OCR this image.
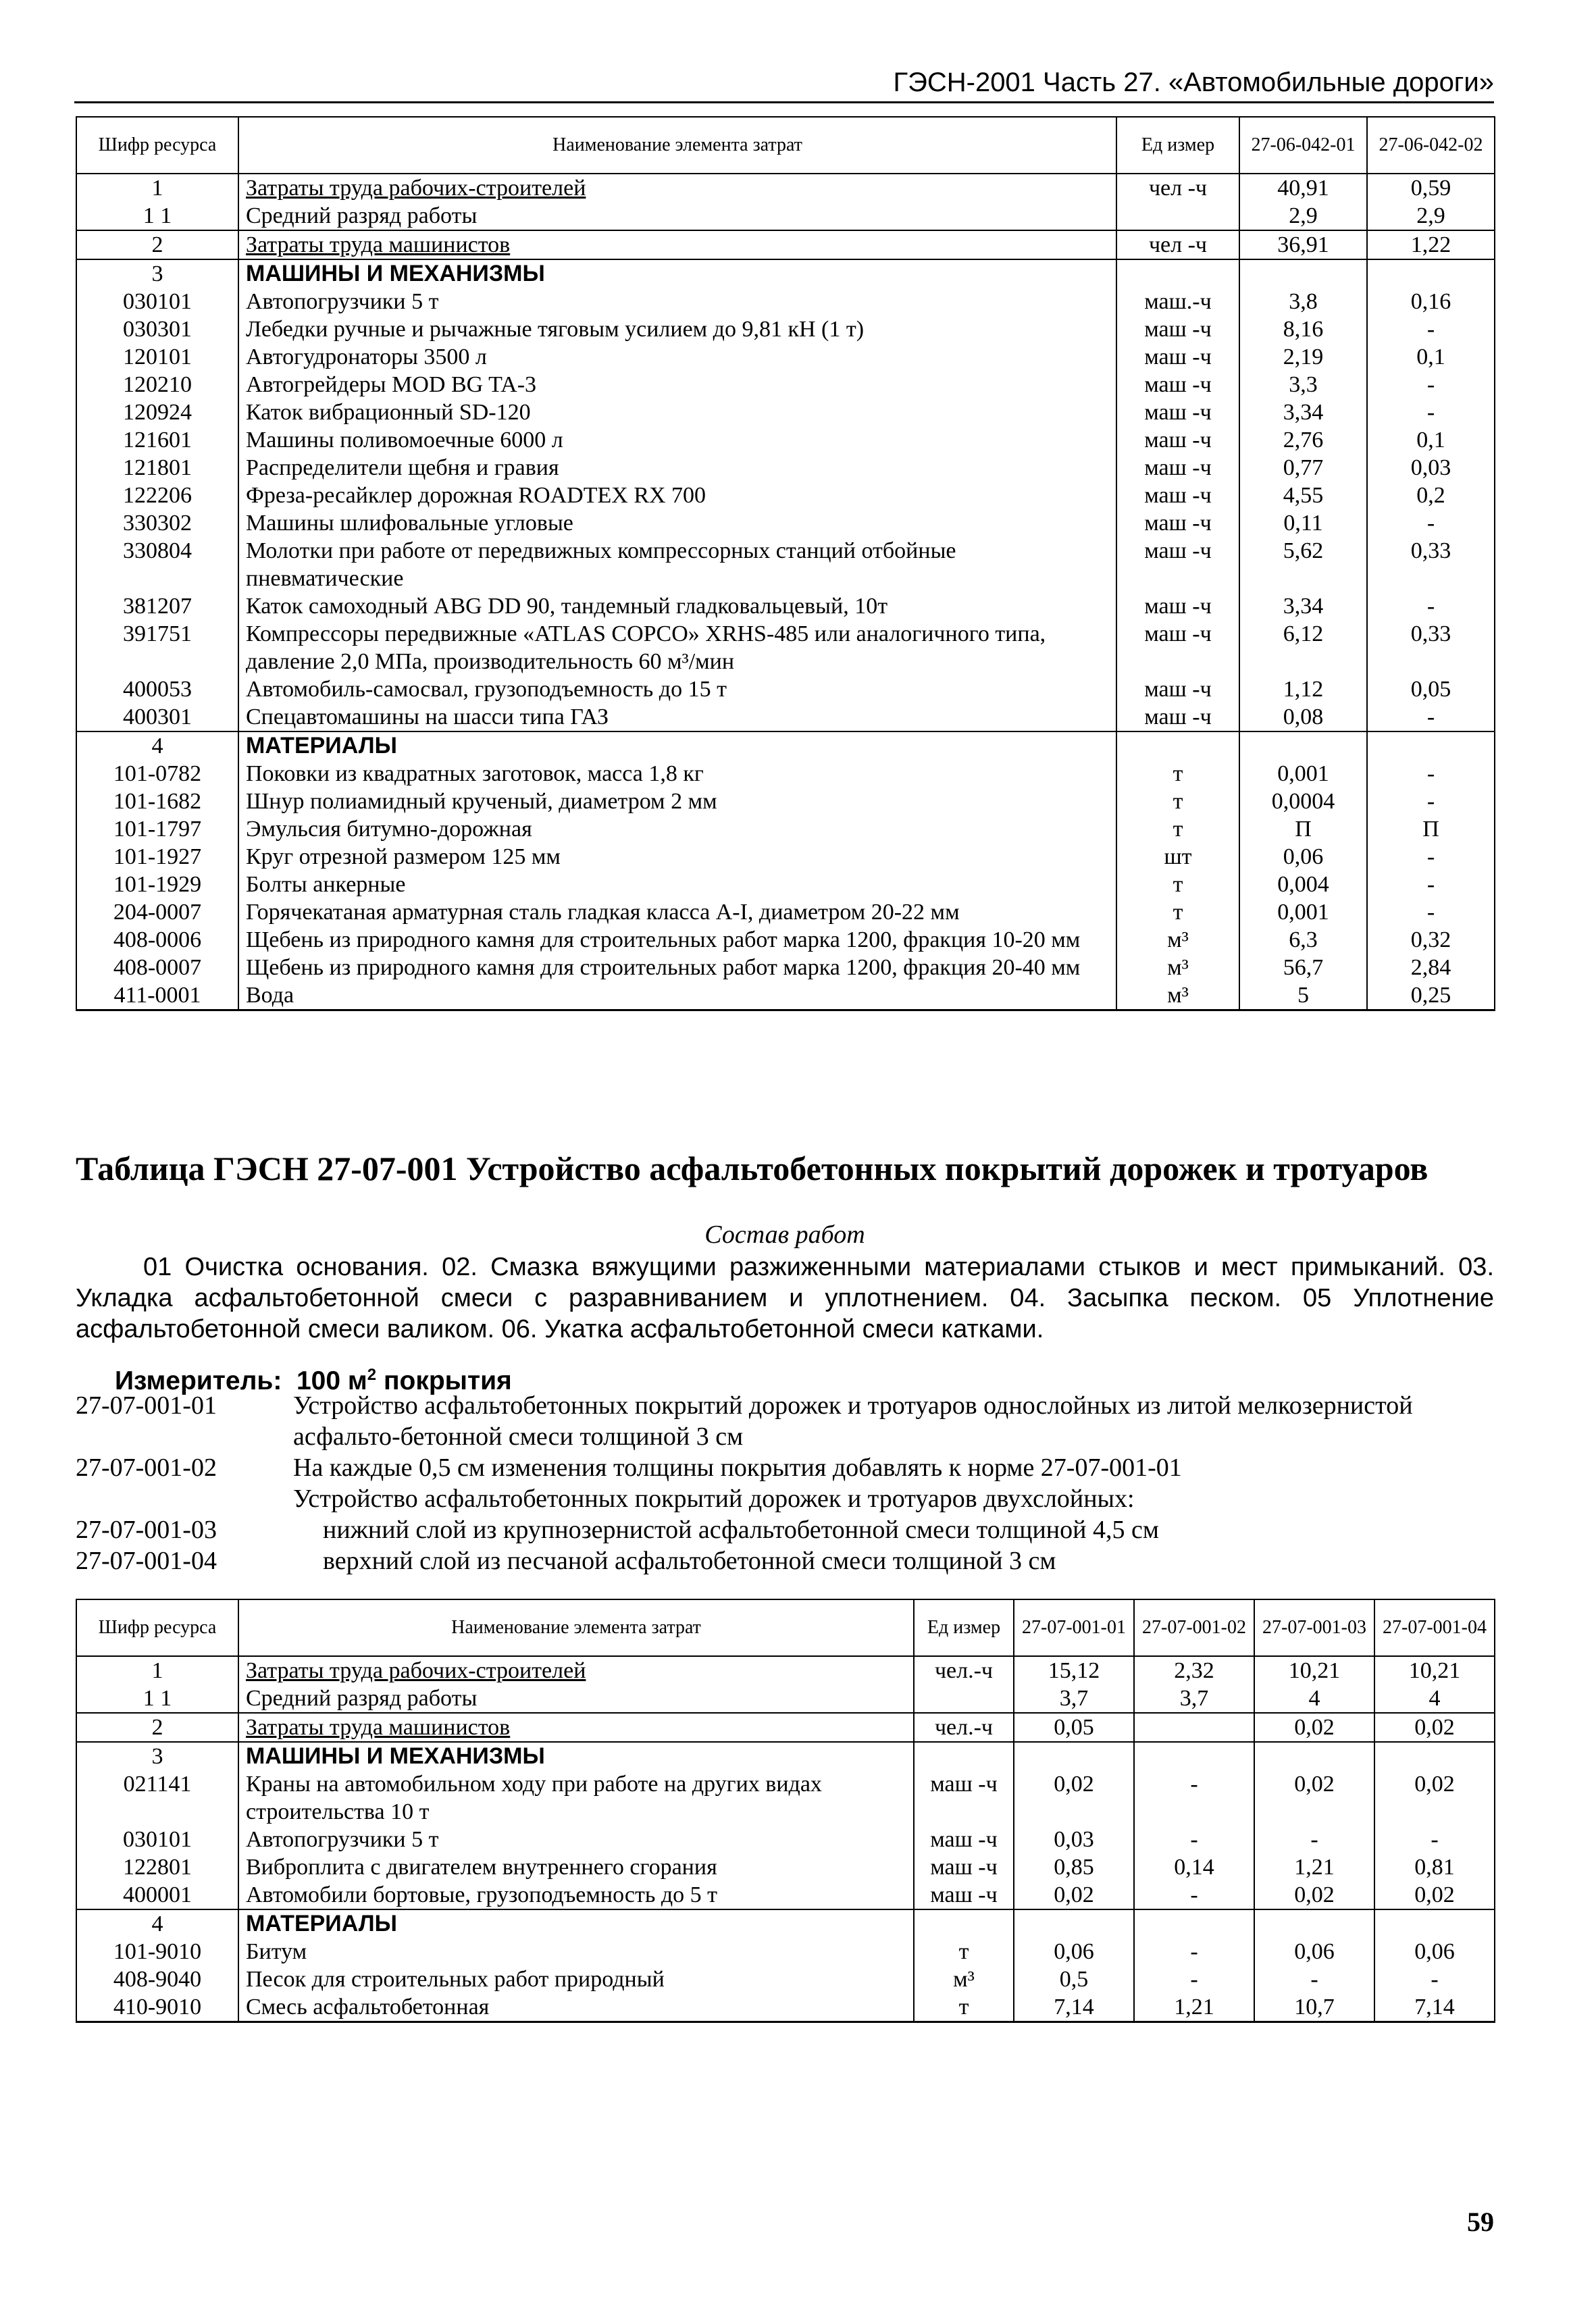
ГЭСН-2001 Часть 27. «Автомобильные дороги»
Шифр ресурса	Наименование элемента затрат	Ед измер	27-06-042-01	27-06-042-02
1	Затраты труда рабочих-строителей	чел -ч	40,91	0,59
1 1	Средний разряд работы		2,9	2,9
2	Затраты труда машинистов	чел -ч	36,91	1,22
3	МАШИНЫ И МЕХАНИЗМЫ			
030101	Автопогрузчики 5 т	маш.-ч	3,8	0,16
030301	Лебедки ручные и рычажные тяговым усилием до 9,81 кН (1 т)	маш -ч	8,16	-
120101	Автогудронаторы 3500 л	маш -ч	2,19	0,1
120210	Автогрейдеры MOD BG TA-3	маш -ч	3,3	-
120924	Каток вибрационный SD-120	маш -ч	3,34	-
121601	Машины поливомоечные 6000 л	маш -ч	2,76	0,1
121801	Распределители щебня и гравия	маш -ч	0,77	0,03
122206	Фреза-ресайклер дорожная ROADTEX RX 700	маш -ч	4,55	0,2
330302	Машины шлифовальные угловые	маш -ч	0,11	-
330804	Молотки при работе от передвижных компрессорных станций отбойные пневматические	маш -ч	5,62	0,33
381207	Каток самоходный ABG DD 90, тандемный гладковальцевый, 10т	маш -ч	3,34	-
391751	Компрессоры передвижные «ATLAS COPCO» XRHS-485 или аналогичного типа, давление 2,0 МПа, производительность 60 м³/мин	маш -ч	6,12	0,33
400053	Автомобиль-самосвал, грузоподъемность до 15 т	маш -ч	1,12	0,05
400301	Спецавтомашины на шасси типа ГАЗ	маш -ч	0,08	-
4	МАТЕРИАЛЫ			
101-0782	Поковки из квадратных заготовок, масса 1,8 кг	т	0,001	-
101-1682	Шнур полиамидный крученый, диаметром 2 мм	т	0,0004	-
101-1797	Эмульсия битумно-дорожная	т	П	П
101-1927	Круг отрезной размером 125 мм	шт	0,06	-
101-1929	Болты анкерные	т	0,004	-
204-0007	Горячекатаная арматурная сталь гладкая класса А-I, диаметром 20-22 мм	т	0,001	-
408-0006	Щебень из природного камня для строительных работ марка 1200, фракция 10-20 мм	м³	6,3	0,32
408-0007	Щебень из природного камня для строительных работ марка 1200, фракция 20-40 мм	м³	56,7	2,84
411-0001	Вода	м³	5	0,25
Таблица ГЭСН 27-07-001 Устройство асфальтобетонных покрытий дорожек и тротуаров
Состав работ
01 Очистка основания. 02. Смазка вяжущими разжиженными материалами стыков и мест примыканий. 03. Укладка асфальтобетонной смеси с разравниванием и уплотнением. 04. Засыпка песком. 05 Уплотнение асфальтобетонной смеси валиком. 06. Укатка асфальтобетонной смеси катками.
Измеритель:  100 $м^2$ покрытия
27-07-001-01	Устройство асфальтобетонных покрытий дорожек и тротуаров однослойных из литой мелкозернистой асфальто-бетонной смеси толщиной 3 см
27-07-001-02	На каждые 0,5 см изменения толщины покрытия добавлять к норме 27-07-001-01
Устройство асфальтобетонных покрытий дорожек и тротуаров двухслойных:
27-07-001-03	нижний слой из крупнозернистой асфальтобетонной смеси толщиной 4,5 см
27-07-001-04	верхний слой из песчаной асфальтобетонной смеси толщиной 3 см
Шифр ресурса	Наименование элемента затрат	Ед измер	27-07-001-01	27-07-001-02	27-07-001-03	27-07-001-04
1	Затраты труда рабочих-строителей	чел.-ч	15,12	2,32	10,21	10,21
1 1	Средний разряд работы		3,7	3,7	4	4
2	Затраты труда машинистов	чел.-ч	0,05		0,02	0,02
3	МАШИНЫ И МЕХАНИЗМЫ					
021141	Краны на автомобильном ходу при работе на других видах строительства 10 т	маш -ч	0,02	-	0,02	0,02
030101	Автопогрузчики 5 т	маш -ч	0,03	-	-	-
122801	Виброплита с двигателем внутреннего сгорания	маш -ч	0,85	0,14	1,21	0,81
400001	Автомобили бортовые, грузоподъемность до 5 т	маш -ч	0,02	-	0,02	0,02
4	МАТЕРИАЛЫ					
101-9010	Битум	т	0,06	-	0,06	0,06
408-9040	Песок для строительных работ природный	м³	0,5	-	-	-
410-9010	Смесь асфальтобетонная	т	7,14	1,21	10,7	7,14
59
